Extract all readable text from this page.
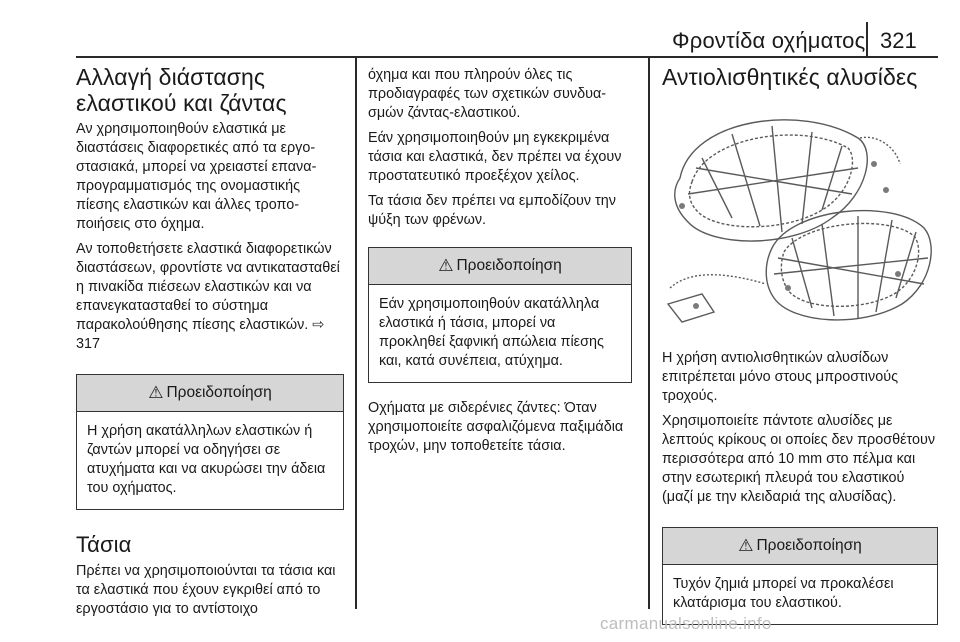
Φροντίδα οχήματος 321
Αλλαγή διάστασης
ελαστικού και ζάντας

Αν χρησιμοποιηθούν ελαστικά με διαστάσεις διαφορετικές από τα εργοστασιακά, μπορεί να χρειαστεί επαναπρογραμματισμός της ονομαστικής πίεσης ελαστικών και άλλες τροποποιήσεις στο όχημα.

Αν τοποθετήσετε ελαστικά διαφορετικών διαστάσεων, φροντίστε να αντικατασταθεί η πινακίδα πιέσεων ελαστικών και να επανεγκατασταθεί το σύστημα παρακολούθησης πίεσης ελαστικών. ⇨ 317

⚠ Προειδοποίηση
Η χρήση ακατάλληλων ελαστικών ή ζαντών μπορεί να οδηγήσει σε ατυχήματα και να ακυρώσει την άδεια του οχήματος.
Τάσια

Πρέπει να χρησιμοποιούνται τα τάσια και τα ελαστικά που έχουν εγκριθεί από το εργοστάσιο για το αντίστοιχο

όχημα και που πληρούν όλες τις προδιαγραφές των σχετικών συνδυασμών ζάντας-ελαστικού.

Εάν χρησιμοποιηθούν μη εγκεκριμένα τάσια και ελαστικά, δεν πρέπει να έχουν προστατευτικό προεξέχον χείλος.

Τα τάσια δεν πρέπει να εμποδίζουν την ψύξη των φρένων.

⚠ Προειδοποίηση
Εάν χρησιμοποιηθούν ακατάλληλα ελαστικά ή τάσια, μπορεί να προκληθεί ξαφνική απώλεια πίεσης και, κατά συνέπεια, ατύχημα.

Οχήματα με σιδερένιες ζάντες: Όταν χρησιμοποιείτε ασφαλιζόμενα παξιμάδια τροχών, μην τοποθετείτε τάσια.

Αντιολισθητικές αλυσίδες

Η χρήση αντιολισθητικών αλυσίδων επιτρέπεται μόνο στους μπροστινούς τροχούς.

Χρησιμοποιείτε πάντοτε αλυσίδες με λεπτούς κρίκους οι οποίες δεν προσθέτουν περισσότερα από 10 mm στο πέλμα και στην εσωτερική πλευρά του ελαστικού (μαζί με την κλειδαριά της αλυσίδας).

⚠ Προειδοποίηση
Τυχόν ζημιά μπορεί να προκαλέσει κλατάρισμα του ελαστικού.
carmanualsonline.info
